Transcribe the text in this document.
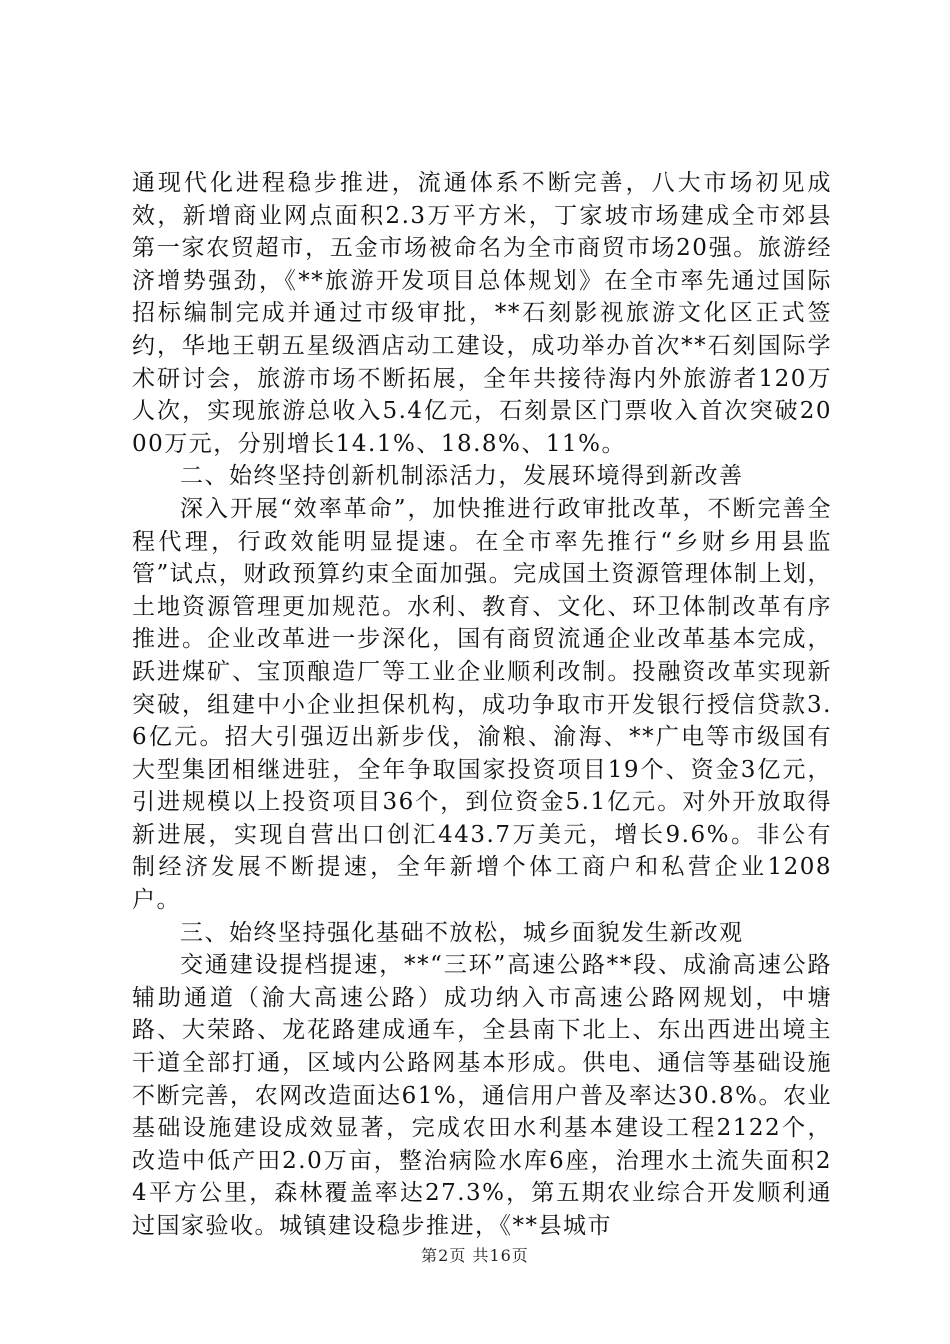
通现代化进程稳步推进，流通体系不断完善，八大市场初见成效，新增商业网点面积2.3万平方米，丁家坡市场建成全市郊县第一家农贸超市，五金市场被命名为全市商贸市场20强。旅游经济增势强劲，《**旅游开发项目总体规划》在全市率先通过国际招标编制完成并通过市级审批，**石刻影视旅游文化区正式签约，华地王朝五星级酒店动工建设，成功举办首次**石刻国际学术研讨会，旅游市场不断拓展，全年共接待海内外旅游者120万人次，实现旅游总收入5.4亿元，石刻景区门票收入首次突破2000万元，分别增长14.1%、18.8%、11%。

二、始终坚持创新机制添活力，发展环境得到新改善

深入开展“效率革命”，加快推进行政审批改革，不断完善全程代理，行政效能明显提速。在全市率先推行“乡财乡用县监管”试点，财政预算约束全面加强。完成国土资源管理体制上划，土地资源管理更加规范。水利、教育、文化、环卫体制改革有序推进。企业改革进一步深化，国有商贸流通企业改革基本完成，跃进煤矿、宝顶酿造厂等工业企业顺利改制。投融资改革实现新突破，组建中小企业担保机构，成功争取市开发银行授信贷款3.6亿元。招大引强迈出新步伐，渝粮、渝海、**广电等市级国有大型集团相继进驻，全年争取国家投资项目19个、资金3亿元，引进规模以上投资项目36个，到位资金5.1亿元。对外开放取得新进展，实现自营出口创汇443.7万美元，增长9.6%。非公有制经济发展不断提速，全年新增个体工商户和私营企业1208户。

三、始终坚持强化基础不放松，城乡面貌发生新改观

交通建设提档提速，**“三环”高速公路**段、成渝高速公路辅助通道（渝大高速公路）成功纳入市高速公路网规划，中塘路、大荣路、龙花路建成通车，全县南下北上、东出西进出境主干道全部打通，区域内公路网基本形成。供电、通信等基础设施不断完善，农网改造面达61%，通信用户普及率达30.8%。农业基础设施建设成效显著，完成农田水利基本建设工程2122个，改造中低产田2.0万亩，整治病险水库6座，治理水土流失面积24平方公里，森林覆盖率达27.3%，第五期农业综合开发顺利通过国家验收。城镇建设稳步推进，《**县城市

第2页 共16页
